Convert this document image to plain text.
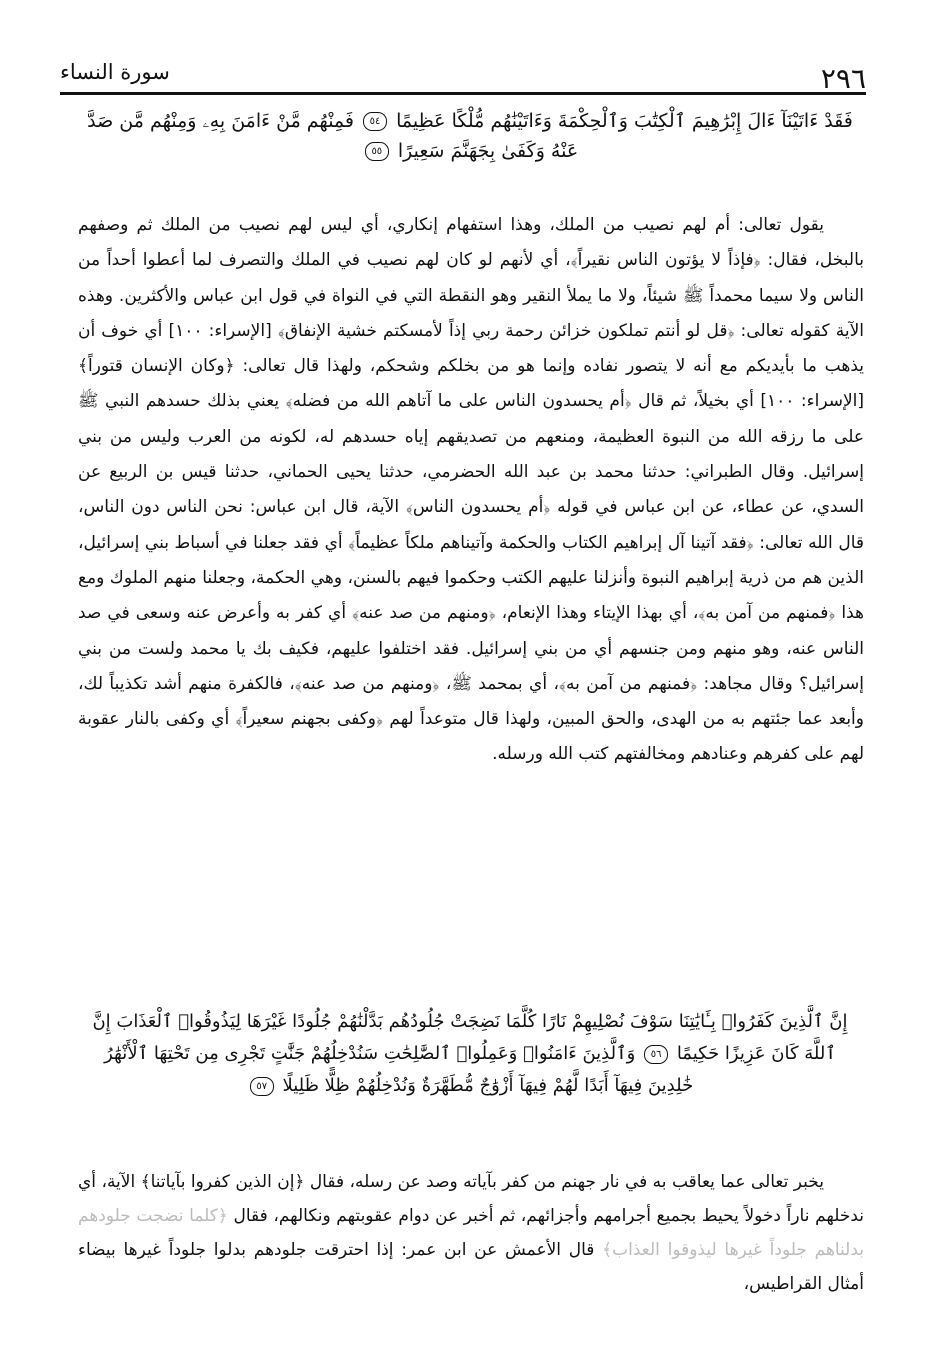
٢٩٦
سورة النساء
فَقَدْ ءَاتَيْنَآ ءَالَ إِبْرَٰهِيمَ ٱلْكِتَٰبَ وَٱلْحِكْمَةَ وَءَاتَيْنَٰهُم مُّلْكًا عَظِيمًا ٥٤ فَمِنْهُم مَّنْ ءَامَنَ بِهِۦ وَمِنْهُم مَّن صَدَّ عَنْهُ وَكَفَىٰ بِجَهَنَّمَ سَعِيرًا ٥٥

يقول تعالى: أم لهم نصيب من الملك، وهذا استفهام إنكاري، أي ليس لهم نصيب من الملك ثم وصفهم بالبخل، فقال: ﴿فإذاً لا يؤتون الناس نقيراً﴾، أي لأنهم لو كان لهم نصيب في الملك والتصرف لما أعطوا أحداً من الناس ولا سيما محمداً ﷺ شيئاً، ولا ما يملأ النقير وهو النقطة التي في النواة في قول ابن عباس والأكثرين. وهذه الآية كقوله تعالى: ﴿قل لو أنتم تملكون خزائن رحمة ربي إذاً لأمسكتم خشية الإنفاق﴾ [الإسراء: ١٠٠] أي خوف أن يذهب ما بأيديكم مع أنه لا يتصور نفاده وإنما هو من بخلكم وشحكم، ولهذا قال تعالى: ﴿وكان الإنسان قتوراً﴾ [الإسراء: ١٠٠] أي بخيلاً، ثم قال ﴿أم يحسدون الناس على ما آتاهم الله من فضله﴾ يعني بذلك حسدهم النبي ﷺ على ما رزقه الله من النبوة العظيمة، ومنعهم من تصديقهم إياه حسدهم له، لكونه من العرب وليس من بني إسرائيل. وقال الطبراني: حدثنا محمد بن عبد الله الحضرمي، حدثنا يحيى الحماني، حدثنا قيس بن الربيع عن السدي، عن عطاء، عن ابن عباس في قوله ﴿أم يحسدون الناس﴾ الآية، قال ابن عباس: نحن الناس دون الناس، قال الله تعالى: ﴿فقد آتينا آل إبراهيم الكتاب والحكمة وآتيناهم ملكاً عظيماً﴾ أي فقد جعلنا في أسباط بني إسرائيل، الذين هم من ذرية إبراهيم النبوة وأنزلنا عليهم الكتب وحكموا فيهم بالسنن، وهي الحكمة، وجعلنا منهم الملوك ومع هذا ﴿فمنهم من آمن به﴾، أي بهذا الإيتاء وهذا الإنعام، ﴿ومنهم من صد عنه﴾ أي كفر به وأعرض عنه وسعى في صد الناس عنه، وهو منهم ومن جنسهم أي من بني إسرائيل. فقد اختلفوا عليهم، فكيف بك يا محمد ولست من بني إسرائيل؟ وقال مجاهد: ﴿فمنهم من آمن به﴾، أي بمحمد ﷺ، ﴿ومنهم من صد عنه﴾، فالكفرة منهم أشد تكذيباً لك، وأبعد عما جئتهم به من الهدى، والحق المبين، ولهذا قال متوعداً لهم ﴿وكفى بجهنم سعيراً﴾ أي وكفى بالنار عقوبة لهم على كفرهم وعنادهم ومخالفتهم كتب الله ورسله.

إِنَّ ٱلَّذِينَ كَفَرُوا۟ بِـَٔايَٰتِنَا سَوْفَ نُصْلِيهِمْ نَارًا كُلَّمَا نَضِجَتْ جُلُودُهُم بَدَّلْنَٰهُمْ جُلُودًا غَيْرَهَا لِيَذُوقُوا۟ ٱلْعَذَابَ إِنَّ ٱللَّهَ كَانَ عَزِيزًا حَكِيمًا ٥٦ وَٱلَّذِينَ ءَامَنُوا۟ وَعَمِلُوا۟ ٱلصَّٰلِحَٰتِ سَنُدْخِلُهُمْ جَنَّٰتٍ تَجْرِى مِن تَحْتِهَا ٱلْأَنْهَٰرُ خَٰلِدِينَ فِيهَآ أَبَدًا لَّهُمْ فِيهَآ أَزْوَٰجٌ مُّطَهَّرَةٌ وَنُدْخِلُهُمْ ظِلًّا ظَلِيلًا ٥٧

يخبر تعالى عما يعاقب به في نار جهنم من كفر بآياته وصد عن رسله، فقال ﴿إن الذين كفروا بآياتنا﴾ الآية، أي ندخلهم ناراً دخولاً يحيط بجميع أجرامهم وأجزائهم، ثم أخبر عن دوام عقوبتهم ونكالهم، فقال ﴿كلما نضجت جلودهم بدلناهم جلوداً غيرها ليذوقوا العذاب﴾ قال الأعمش عن ابن عمر: إذا احترقت جلودهم بدلوا جلوداً غيرها بيضاء أمثال القراطيس،
